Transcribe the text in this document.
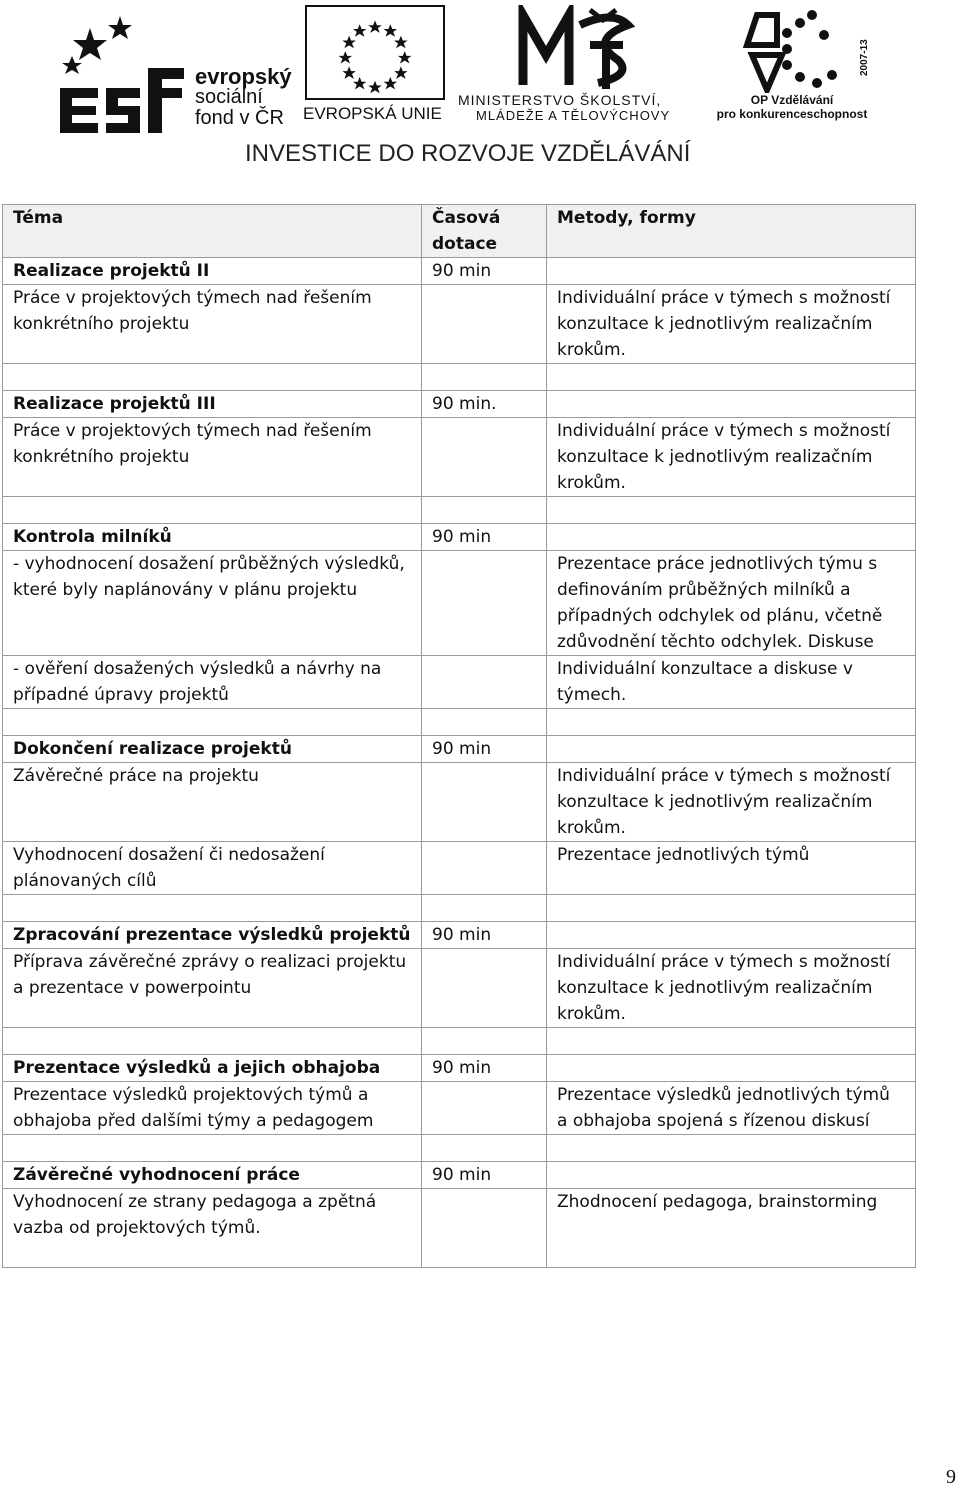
evropský
sociální
fond v ČR	EVROPSKÁ UNIE
MINISTERSTVO ŠKOLSTVÍ,
MLÁDEŽE A TĚLOVÝCHOVY
2007-13
OP Vzdělávání
pro konkurenceschopnost
INVESTICE DO ROZVOJE VZDĚLÁVÁNÍ
Téma	Časová dotace	Metody, formy
Realizace projektů II	90 min	
Práce v projektových týmech nad řešením konkrétního projektu		Individuální práce v týmech s možností konzultace k jednotlivým realizačním krokům.

Realizace projektů III	90 min.	
Práce v projektových týmech nad řešením konkrétního projektu		Individuální práce v týmech s možností konzultace k jednotlivým realizačním krokům.

Kontrola milníků	90 min	
- vyhodnocení dosažení průběžných výsledků, které byly naplánovány v plánu projektu		Prezentace práce jednotlivých týmu s definováním průběžných milníků a případných odchylek od plánu, včetně zdůvodnění těchto odchylek. Diskuse
- ověření dosažených výsledků a návrhy na případné úpravy projektů		Individuální konzultace a diskuse v týmech.

Dokončení realizace projektů	90 min	
Závěrečné práce na projektu		Individuální práce v týmech s možností konzultace k jednotlivým realizačním krokům.
Vyhodnocení dosažení či nedosažení plánovaných cílů		Prezentace jednotlivých týmů

Zpracování prezentace výsledků projektů	90 min	
Příprava závěrečné zprávy o realizaci projektu a prezentace v powerpointu		Individuální práce v týmech s možností konzultace k jednotlivým realizačním krokům.

Prezentace výsledků a jejich obhajoba	90 min	
Prezentace výsledků projektových týmů a obhajoba před dalšími týmy a pedagogem		Prezentace výsledků jednotlivých týmů a obhajoba spojená s řízenou diskusí

Závěrečné vyhodnocení práce	90 min	
Vyhodnocení ze strany pedagoga a zpětná vazba od projektových týmů.		Zhodnocení pedagoga, brainstorming
9
